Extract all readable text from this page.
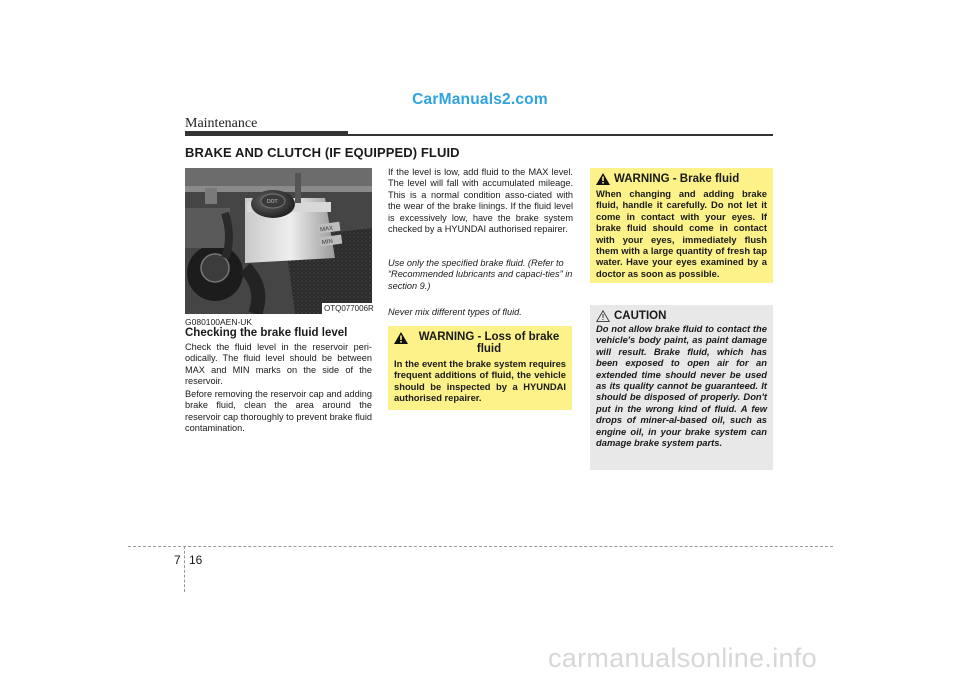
CarManuals2.com
Maintenance
BRAKE AND CLUTCH (IF EQUIPPED) FLUID
DOT
MAX
MIN
OTQ077006R
G080100AEN-UK
Checking the brake fluid level
Check the fluid level in the reservoir peri-odically. The fluid level should be between MAX and MIN marks on the side of the reservoir.
Before removing the reservoir cap and adding brake fluid, clean the area around the reservoir cap thoroughly to prevent brake fluid contamination.
If the level is low, add fluid to the MAX level. The level will fall with accumulated mileage. This is a normal condition asso-ciated with the wear of the brake linings. If the fluid level is excessively low, have the brake system checked by a HYUNDAI authorised repairer.
Use only the specified brake fluid. (Refer to “Recommended lubricants and capaci-ties” in section 9.)
Never mix different types of fluid.
WARNING - Loss of brake fluid
In the event the brake system requires frequent additions of fluid, the vehicle should be inspected by a HYUNDAI authorised repairer.
WARNING - Brake fluid
When changing and adding brake fluid, handle it carefully. Do not let it come in contact with your eyes. If brake fluid should come in contact with your eyes, immediately flush them with a large quantity of fresh tap water. Have your eyes examined by a doctor as soon as possible.
CAUTION
Do not allow brake fluid to contact the vehicle's body paint, as paint damage will result. Brake fluid, which has been exposed to open air for an extended time should never be used as its quality cannot be guaranteed. It should be disposed of properly. Don't put in the wrong kind of fluid. A few drops of miner-al-based oil, such as engine oil, in your brake system can damage brake system parts.
7 16
carmanualsonline.info
